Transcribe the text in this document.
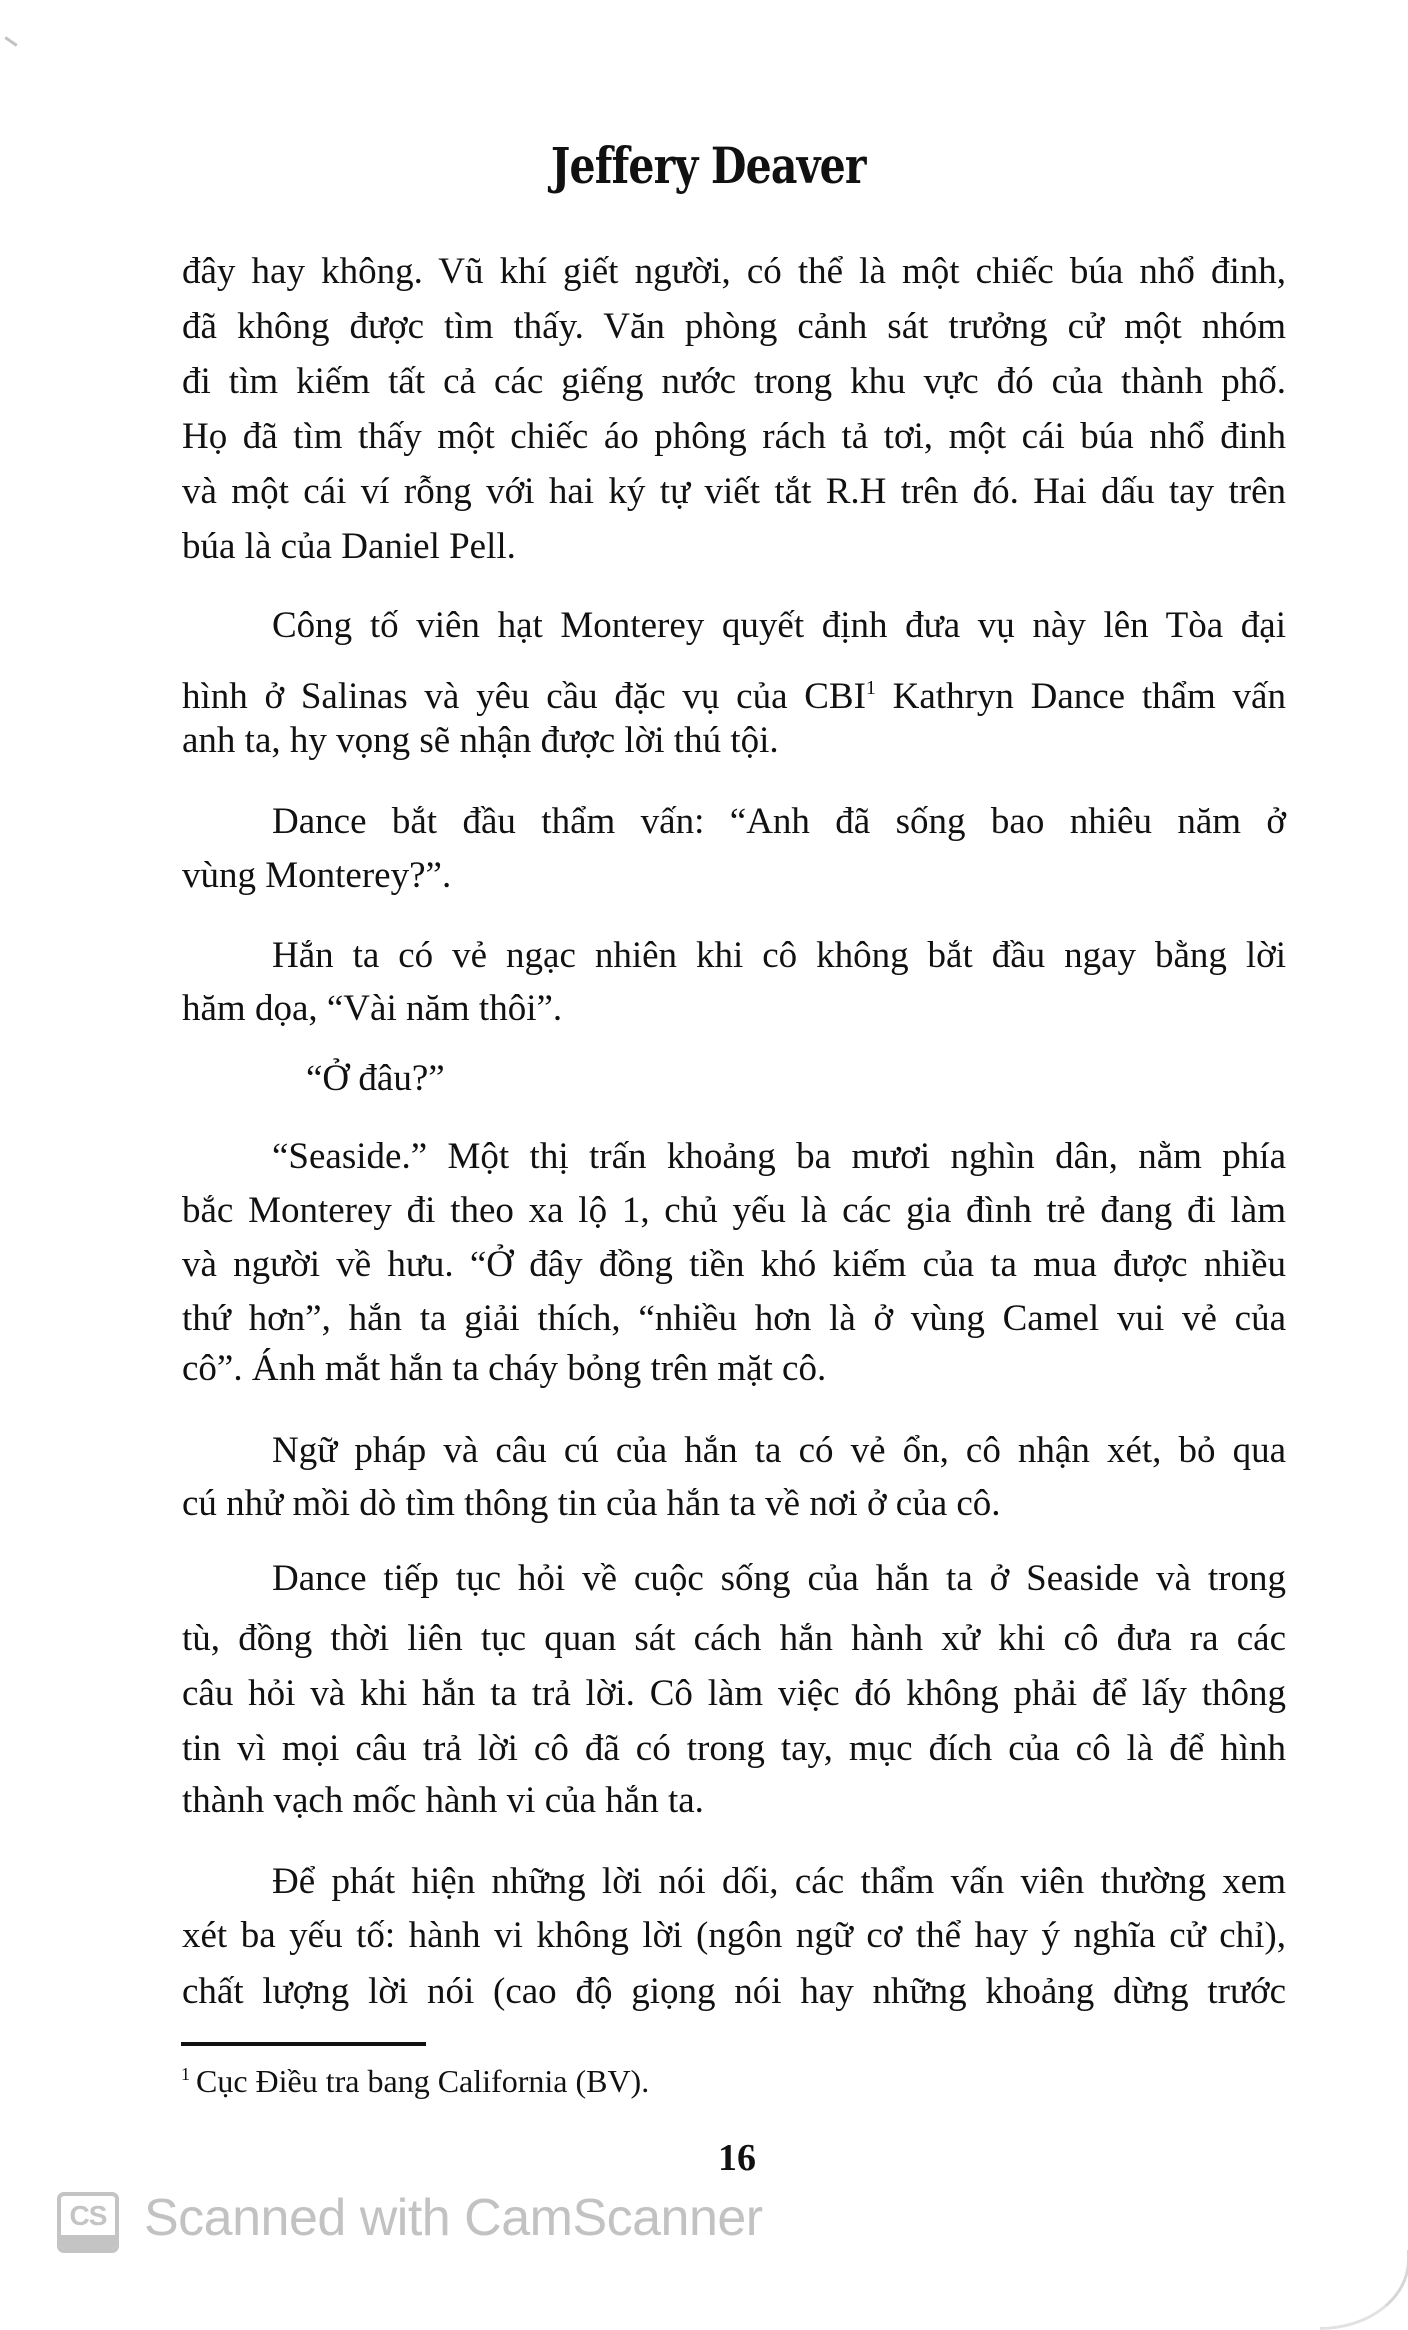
Jeffery Deaver
đây hay không. Vũ khí giết người, có thể là một chiếc búa nhổ đinh,
đã không được tìm thấy. Văn phòng cảnh sát trưởng cử một nhóm
đi tìm kiếm tất cả các giếng nước trong khu vực đó của thành phố.
Họ đã tìm thấy một chiếc áo phông rách tả tơi, một cái búa nhổ đinh
và một cái ví rỗng với hai ký tự viết tắt R.H trên đó. Hai dấu tay trên
búa là của Daniel Pell.
Công tố viên hạt Monterey quyết định đưa vụ này lên Tòa đại
hình ở Salinas và yêu cầu đặc vụ của CBI$^1$ Kathryn Dance thẩm vấn
anh ta, hy vọng sẽ nhận được lời thú tội.
Dance bắt đầu thẩm vấn: “Anh đã sống bao nhiêu năm ở
vùng Monterey?”.
Hắn ta có vẻ ngạc nhiên khi cô không bắt đầu ngay bằng lời
hăm dọa, “Vài năm thôi”.
“Ở đâu?”
“Seaside.” Một thị trấn khoảng ba mươi nghìn dân, nằm phía
bắc Monterey đi theo xa lộ 1, chủ yếu là các gia đình trẻ đang đi làm
và người về hưu. “Ở đây đồng tiền khó kiếm của ta mua được nhiều
thứ hơn”, hắn ta giải thích, “nhiều hơn là ở vùng Camel vui vẻ của
cô”. Ánh mắt hắn ta cháy bỏng trên mặt cô.
Ngữ pháp và câu cú của hắn ta có vẻ ổn, cô nhận xét, bỏ qua
cú nhử mồi dò tìm thông tin của hắn ta về nơi ở của cô.
Dance tiếp tục hỏi về cuộc sống của hắn ta ở Seaside và trong
tù, đồng thời liên tục quan sát cách hắn hành xử khi cô đưa ra các
câu hỏi và khi hắn ta trả lời. Cô làm việc đó không phải để lấy thông
tin vì mọi câu trả lời cô đã có trong tay, mục đích của cô là để hình
thành vạch mốc hành vi của hắn ta.
Để phát hiện những lời nói dối, các thẩm vấn viên thường xem
xét ba yếu tố: hành vi không lời (ngôn ngữ cơ thể hay ý nghĩa cử chỉ),
chất lượng lời nói (cao độ giọng nói hay những khoảng dừng trước
$^1$ Cục Điều tra bang California (BV).
16
CS Scanned with CamScanner
